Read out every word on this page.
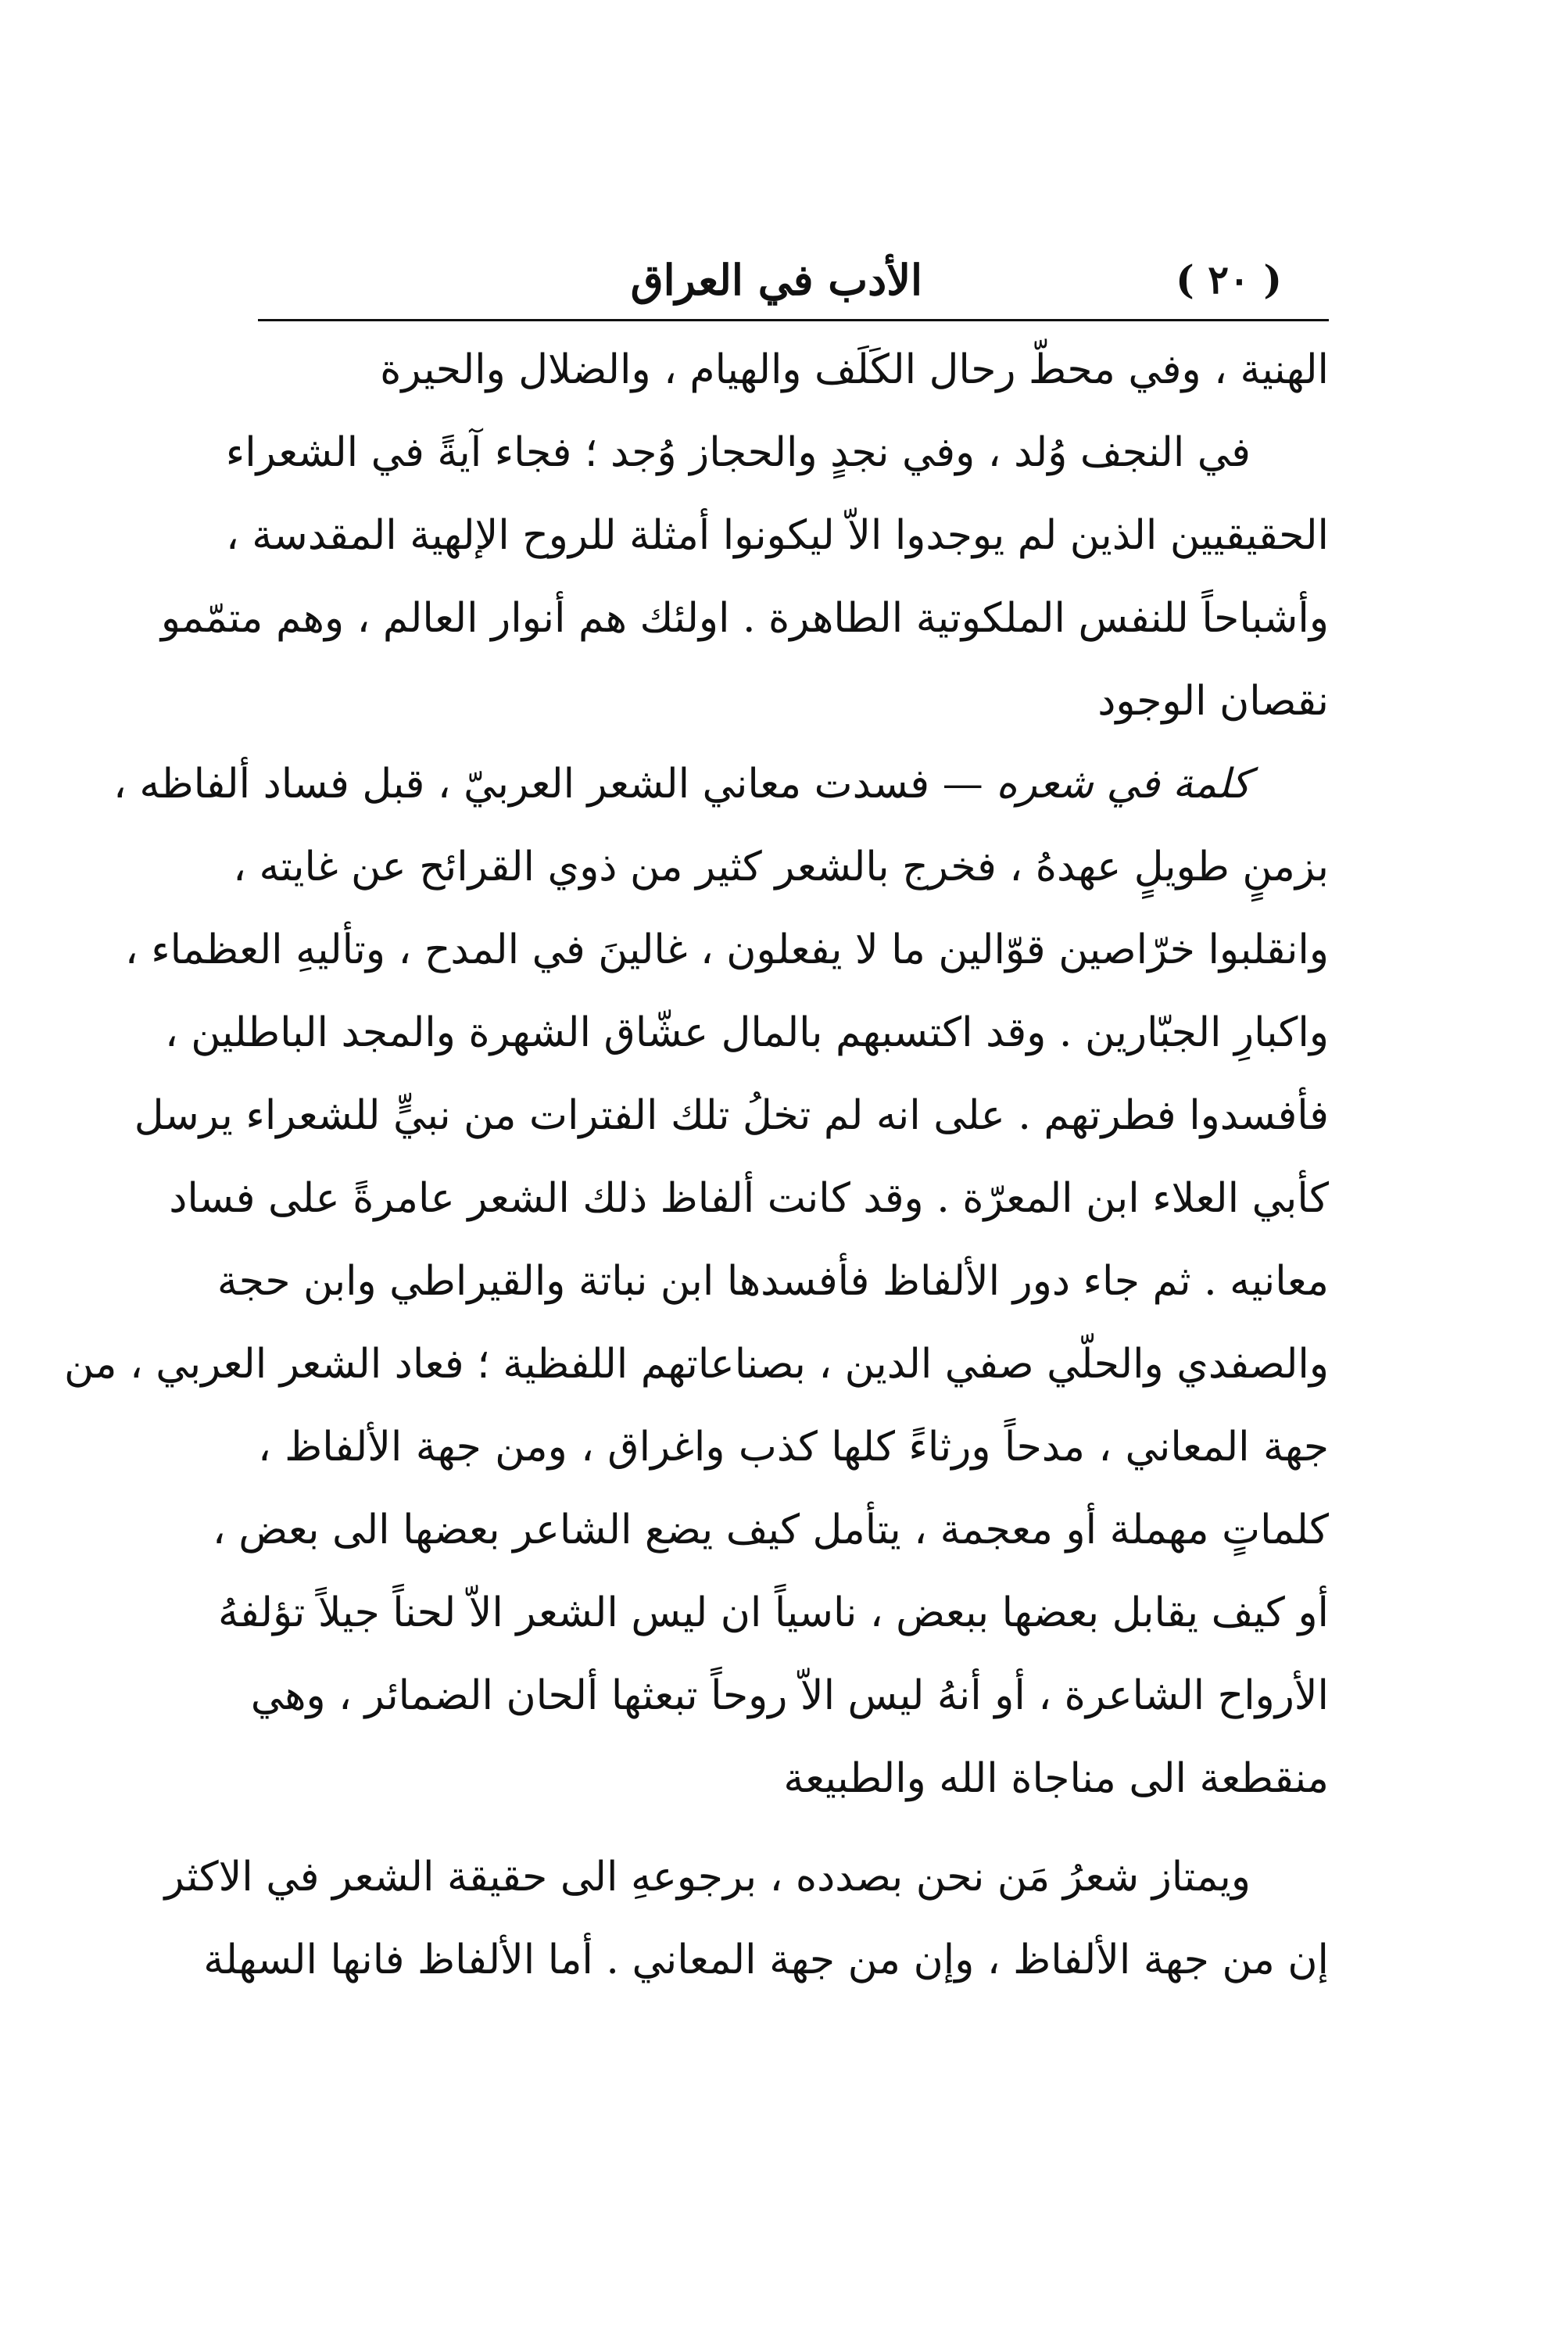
( ٢٠ )
الأدب في العراق
الهنية ، وفي محطّ رحال الكَلَف والهيام ، والضلال والحيرة
في النجف وُلد ، وفي نجدٍ والحجاز وُجد ؛ فجاء آيةً في الشعراء
الحقيقيين الذين لم يوجدوا الاّ ليكونوا أمثلة للروح الإلهية المقدسة ،
وأشباحاً للنفس الملكوتية الطاهرة . اولئك هم أنوار العالم ، وهم متمّمو
نقصان الوجود
كلمة في شعره — فسدت معاني الشعر العربيّ ، قبل فساد ألفاظه ،
بزمنٍ طويلٍ عهدهُ ، فخرج بالشعر كثير من ذوي القرائح عن غايته ،
وانقلبوا خرّاصين قوّالين ما لا يفعلون ، غالينَ في المدح ، وتأليهِ العظماء ،
واكبارِ الجبّارين . وقد اكتسبهم بالمال عشّاق الشهرة والمجد الباطلين ،
فأفسدوا فطرتهم . على انه لم تخلُ تلك الفترات من نبيٍّ للشعراء يرسل
كأبي العلاء ابن المعرّة . وقد كانت ألفاظ ذلك الشعر عامرةً على فساد
معانيه . ثم جاء دور الألفاظ فأفسدها ابن نباتة والقيراطي وابن حجة
والصفدي والحلّي صفي الدين ، بصناعاتهم اللفظية ؛ فعاد الشعر العربي ، من
جهة المعاني ، مدحاً ورثاءً كلها كذب واغراق ، ومن جهة الألفاظ ،
كلماتٍ مهملة أو معجمة ، يتأمل كيف يضع الشاعر بعضها الى بعض ،
أو كيف يقابل بعضها ببعض ، ناسياً ان ليس الشعر الاّ لحناً جيلاً تؤلفهُ
الأرواح الشاعرة ، أو أنهُ ليس الاّ روحاً تبعثها ألحان الضمائر ، وهي
منقطعة الى مناجاة الله والطبيعة
ويمتاز شعرُ مَن نحن بصدده ، برجوعهِ الى حقيقة الشعر في الاكثر
إن من جهة الألفاظ ، وإن من جهة المعاني . أما الألفاظ فانها السهلة
